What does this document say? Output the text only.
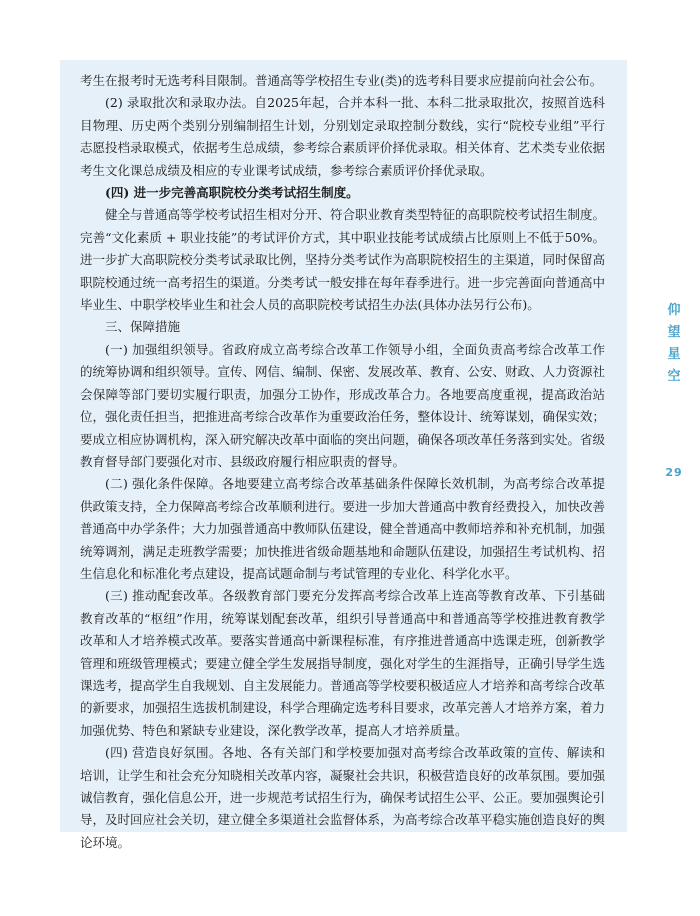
考生在报考时无选考科目限制。普通高等学校招生专业(类)的选考科目要求应提前向社会公布。

(2) 录取批次和录取办法。自2025年起，合并本科一批、本科二批录取批次，按照首选科目物理、历史两个类别分别编制招生计划，分别划定录取控制分数线，实行“院校专业组”平行志愿投档录取模式，依据考生总成绩，参考综合素质评价择优录取。相关体育、艺术类专业依据考生文化课总成绩及相应的专业课考试成绩，参考综合素质评价择优录取。

(四) 进一步完善高职院校分类考试招生制度。

健全与普通高等学校考试招生相对分开、符合职业教育类型特征的高职院校考试招生制度。完善“文化素质 + 职业技能”的考试评价方式，其中职业技能考试成绩占比原则上不低于50%。进一步扩大高职院校分类考试录取比例，坚持分类考试作为高职院校招生的主渠道，同时保留高职院校通过统一高考招生的渠道。分类考试一般安排在每年春季进行。进一步完善面向普通高中毕业生、中职学校毕业生和社会人员的高职院校考试招生办法(具体办法另行公布)。

三、保障措施

(一) 加强组织领导。省政府成立高考综合改革工作领导小组，全面负责高考综合改革工作的统筹协调和组织领导。宣传、网信、编制、保密、发展改革、教育、公安、财政、人力资源社会保障等部门要切实履行职责，加强分工协作，形成改革合力。各地要高度重视，提高政治站位，强化责任担当，把推进高考综合改革作为重要政治任务，整体设计、统筹谋划，确保实效；要成立相应协调机构，深入研究解决改革中面临的突出问题，确保各项改革任务落到实处。省级教育督导部门要强化对市、县级政府履行相应职责的督导。

(二) 强化条件保障。各地要建立高考综合改革基础条件保障长效机制，为高考综合改革提供政策支持，全力保障高考综合改革顺利进行。要进一步加大普通高中教育经费投入，加快改善普通高中办学条件；大力加强普通高中教师队伍建设，健全普通高中教师培养和补充机制，加强统筹调剂，满足走班教学需要；加快推进省级命题基地和命题队伍建设，加强招生考试机构、招生信息化和标准化考点建设，提高试题命制与考试管理的专业化、科学化水平。

(三) 推动配套改革。各级教育部门要充分发挥高考综合改革上连高等教育改革、下引基础教育改革的“枢纽”作用，统筹谋划配套改革，组织引导普通高中和普通高等学校推进教育教学改革和人才培养模式改革。要落实普通高中新课程标准，有序推进普通高中选课走班，创新教学管理和班级管理模式；要建立健全学生发展指导制度，强化对学生的生涯指导，正确引导学生选课选考，提高学生自我规划、自主发展能力。普通高等学校要积极适应人才培养和高考综合改革的新要求，加强招生选拔机制建设，科学合理确定选考科目要求，改革完善人才培养方案，着力加强优势、特色和紧缺专业建设，深化教学改革，提高人才培养质量。

(四) 营造良好氛围。各地、各有关部门和学校要加强对高考综合改革政策的宣传、解读和培训，让学生和社会充分知晓相关改革内容，凝聚社会共识，积极营造良好的改革氛围。要加强诚信教育，强化信息公开，进一步规范考试招生行为，确保考试招生公平、公正。要加强舆论引导，及时回应社会关切，建立健全多渠道社会监督体系，为高考综合改革平稳实施创造良好的舆论环境。

仰
望
星
空
29
